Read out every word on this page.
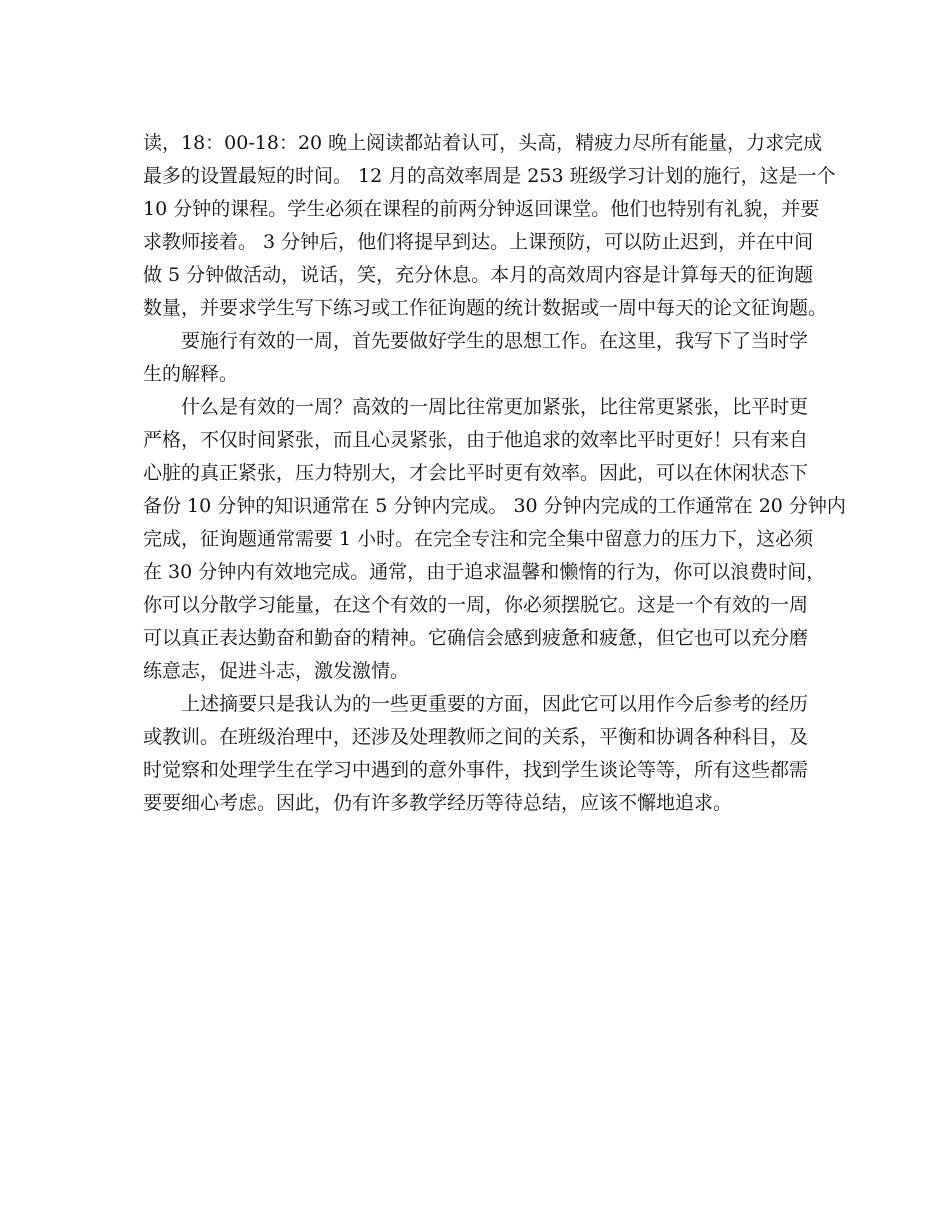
读，18：00-18：20 晚上阅读都站着认可，头高，精疲力尽所有能量，力求完成
最多的设置最短的时间。 12 月的高效率周是 253 班级学习计划的施行，这是一个
10 分钟的课程。学生必须在课程的前两分钟返回课堂。他们也特别有礼貌，并要
求教师接着。 3 分钟后，他们将提早到达。上课预防，可以防止迟到，并在中间
做 5 分钟做活动，说话，笑，充分休息。本月的高效周内容是计算每天的征询题
数量，并要求学生写下练习或工作征询题的统计数据或一周中每天的论文征询题。
要施行有效的一周，首先要做好学生的思想工作。在这里，我写下了当时学
生的解释。
什么是有效的一周？高效的一周比往常更加紧张，比往常更紧张，比平时更
严格，不仅时间紧张，而且心灵紧张，由于他追求的效率比平时更好！只有来自
心脏的真正紧张，压力特别大，才会比平时更有效率。因此，可以在休闲状态下
备份 10 分钟的知识通常在 5 分钟内完成。 30 分钟内完成的工作通常在 20 分钟内
完成，征询题通常需要 1 小时。在完全专注和完全集中留意力的压力下，这必须
在 30 分钟内有效地完成。通常，由于追求温馨和懒惰的行为，你可以浪费时间，
你可以分散学习能量，在这个有效的一周，你必须摆脱它。这是一个有效的一周
可以真正表达勤奋和勤奋的精神。它确信会感到疲惫和疲惫，但它也可以充分磨
练意志，促进斗志，激发激情。
上述摘要只是我认为的一些更重要的方面，因此它可以用作今后参考的经历
或教训。在班级治理中，还涉及处理教师之间的关系，平衡和协调各种科目，及
时觉察和处理学生在学习中遇到的意外事件，找到学生谈论等等，所有这些都需
要要细心考虑。因此，仍有许多教学经历等待总结，应该不懈地追求。
